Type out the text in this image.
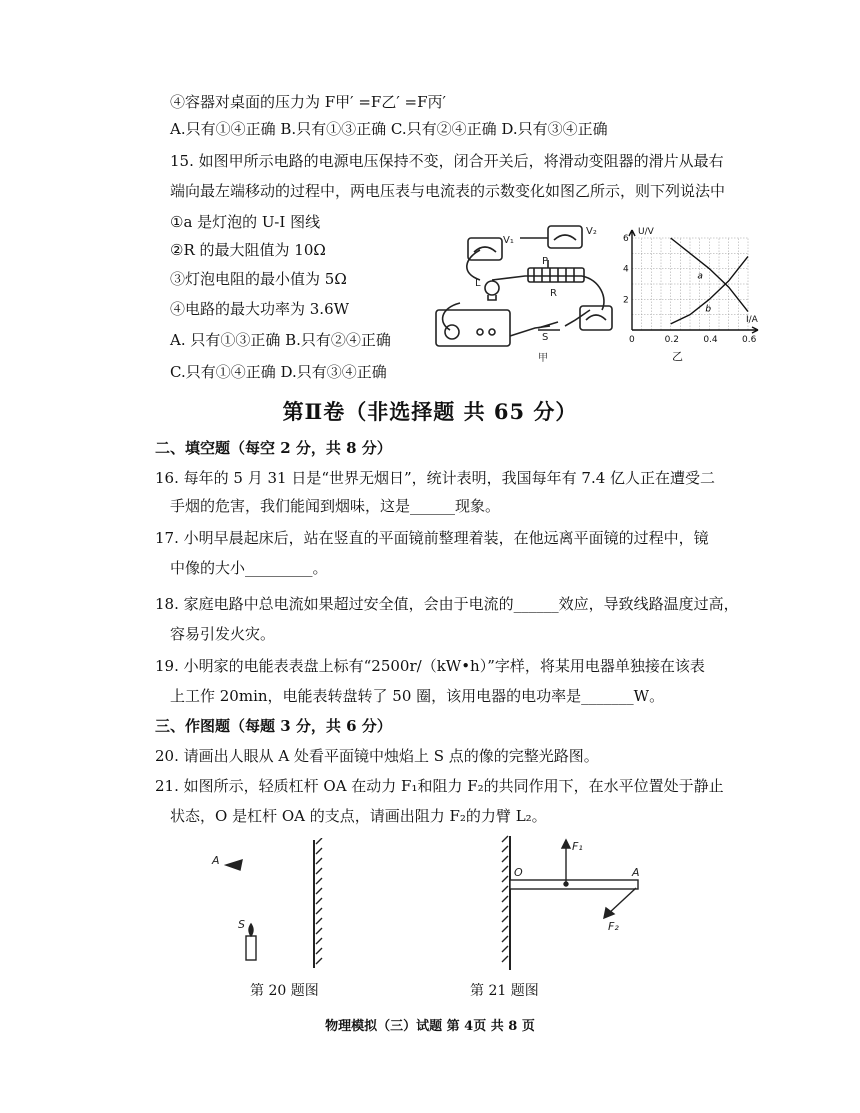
④容器对桌面的压力为 F甲′ =F乙′ =F丙′
A.只有①④正确 B.只有①③正确 C.只有②④正确 D.只有③④正确
15. 如图甲所示电路的电源电压保持不变，闭合开关后，将滑动变阻器的滑片从最右
端向最左端移动的过程中，两电压表与电流表的示数变化如图乙所示，则下列说法中
①a 是灯泡的 U-I 图线
②R 的最大阻值为 10Ω
③灯泡电阻的最小值为 5Ω
④电路的最大功率为 3.6W
A. 只有①③正确 B.只有②④正确
C.只有①④正确 D.只有③④正确
V₁
V₂
P
R
L
S
甲
0	0.2	0.4	0.6
2
4
6
a
b
U/V
I/A
乙
第Ⅱ卷（非选择题 共 65 分）
二、填空题（每空 2 分，共 8 分）
16. 每年的 5 月 31 日是“世界无烟日”，统计表明，我国每年有 7.4 亿人正在遭受二
手烟的危害，我们能闻到烟味，这是______现象。
17. 小明早晨起床后，站在竖直的平面镜前整理着装，在他远离平面镜的过程中，镜
中像的大小_________。
18. 家庭电路中总电流如果超过安全值，会由于电流的______效应，导致线路温度过高，
容易引发火灾。
19. 小明家的电能表表盘上标有“2500r/（kW•h）”字样，将某用电器单独接在该表
上工作 20min，电能表转盘转了 50 圈，该用电器的电功率是_______W。
三、作图题（每题 3 分，共 6 分）
20. 请画出人眼从 A 处看平面镜中烛焰上 S 点的像的完整光路图。
21. 如图所示，轻质杠杆 OA 在动力 F₁和阻力 F₂的共同作用下，在水平位置处于静止
状态，O 是杠杆 OA 的支点，请画出阻力 F₂的力臂 L₂。
A
S
O	A
F₁
F₂
第 20 题图	第 21 题图
物理模拟（三）试题 第 4页 共 8 页
